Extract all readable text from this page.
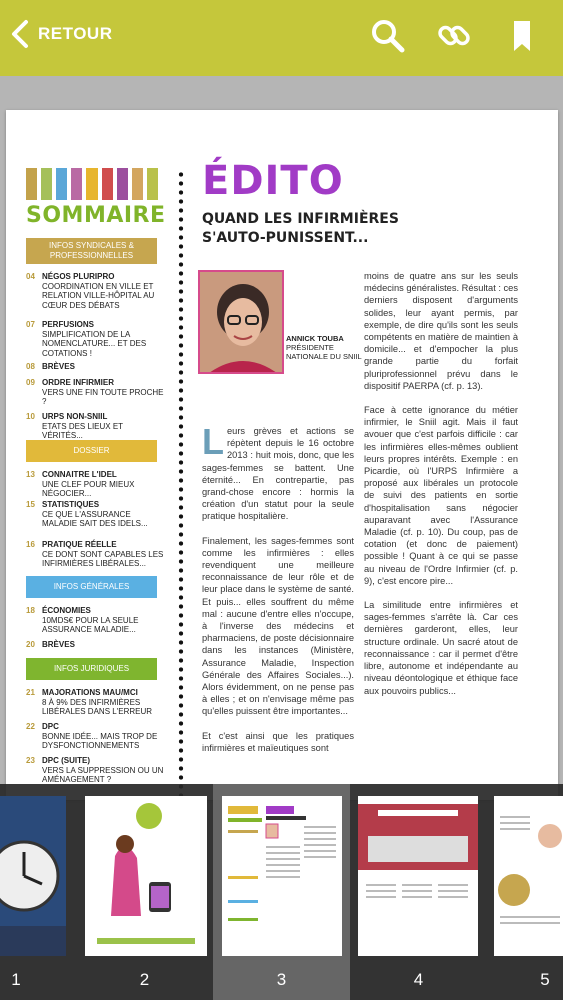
RETOUR
SOMMAIRE
INFOS SYNDICALES & PROFESSIONNELLES
04 NÉGOS PLURIPRO
COORDINATION EN VILLE ET RELATION VILLE-HÔPITAL AU CŒUR DES DÉBATS
07 PERFUSIONS
SIMPLIFICATION DE LA NOMENCLATURE... ET DES COTATIONS !
08 BRÈVES
09 ORDRE INFIRMIER
VERS UNE FIN TOUTE PROCHE ?
10 URPS NON-SNIIL
ETATS DES LIEUX ET VÉRITÉS...
DOSSIER
13 CONNAITRE L'IDEL
UNE CLEF POUR MIEUX NÉGOCIER...
15 STATISTIQUES
CE QUE L'ASSURANCE MALADIE SAIT DES IDELS...
16 PRATIQUE RÉELLE
CE DONT SONT CAPABLES LES INFIRMIÈRES LIBÉRALES...
INFOS GÉNÉRALES
18 ÉCONOMIES
10MDS€ POUR LA SEULE ASSURANCE MALADIE...
20 BRÈVES
INFOS JURIDIQUES
21 MAJORATIONS MAU/MCI
8 À 9% DES INFIRMIÈRES LIBÉRALES DANS L'ERREUR
22 DPC
BONNE IDÉE... MAIS TROP DE DYSFONCTIONNEMENTS
23 DPC (SUITE)
VERS LA SUPPRESSION OU UN AMÉNAGEMENT ?
ÉDITO
QUAND LES INFIRMIÈRES S'AUTO-PUNISSENT...
ANNICK TOUBA
PRÉSIDENTE NATIONALE DU SNIIL

Leurs grèves et actions se répètent depuis le 16 octobre 2013 : huit mois, donc, que les sages-femmes se battent. Une éternité... En contrepartie, pas grand-chose encore : hormis la création d'un statut pour la seule pratique hospitalière.

Finalement, les sages-femmes sont comme les infirmières : elles revendiquent une meilleure reconnaissance de leur rôle et de leur place dans le système de santé. Et puis... elles souffrent du même mal : aucune d'entre elles n'occupe, à l'inverse des médecins et pharmaciens, de poste décisionnaire dans les instances (Ministère, Assurance Maladie, Inspection Générale des Affaires Sociales...). Alors évidemment, on ne pense pas à elles ; et on n'envisage même pas qu'elles puissent être importantes...

Et c'est ainsi que les pratiques infirmières et maïeutiques sont

moins de quatre ans sur les seuls médecins généralistes. Résultat : ces derniers disposent d'arguments solides, leur ayant permis, par exemple, de dire qu'ils sont les seuls compétents en matière de maintien à domicile... et d'empocher la plus grande partie du forfait pluriprofessionnel prévu dans le dispositif PAERPA (cf. p. 13).

Face à cette ignorance du métier infirmier, le Sniil agit. Mais il faut avouer que c'est parfois difficile : car les infirmières elles-mêmes oublient leurs propres intérêts. Exemple : en Picardie, où l'URPS Infirmière a proposé aux libérales un protocole de suivi des patients en sortie d'hospitalisation sans négocier auparavant avec l'Assurance Maladie (cf. p. 10). Du coup, pas de cotation (et donc de paiement) possible ! Quant à ce qui se passe au niveau de l'Ordre Infirmier (cf. p. 9), c'est encore pire...

La similitude entre infirmières et sages-femmes s'arrête là. Car ces dernières garderont, elles, leur structure ordinale. Un sacré atout de reconnaissance : car il permet d'être libre, autonome et indépendante au niveau déontologique et éthique face aux pouvoirs publics...

1	2	3	4	5
